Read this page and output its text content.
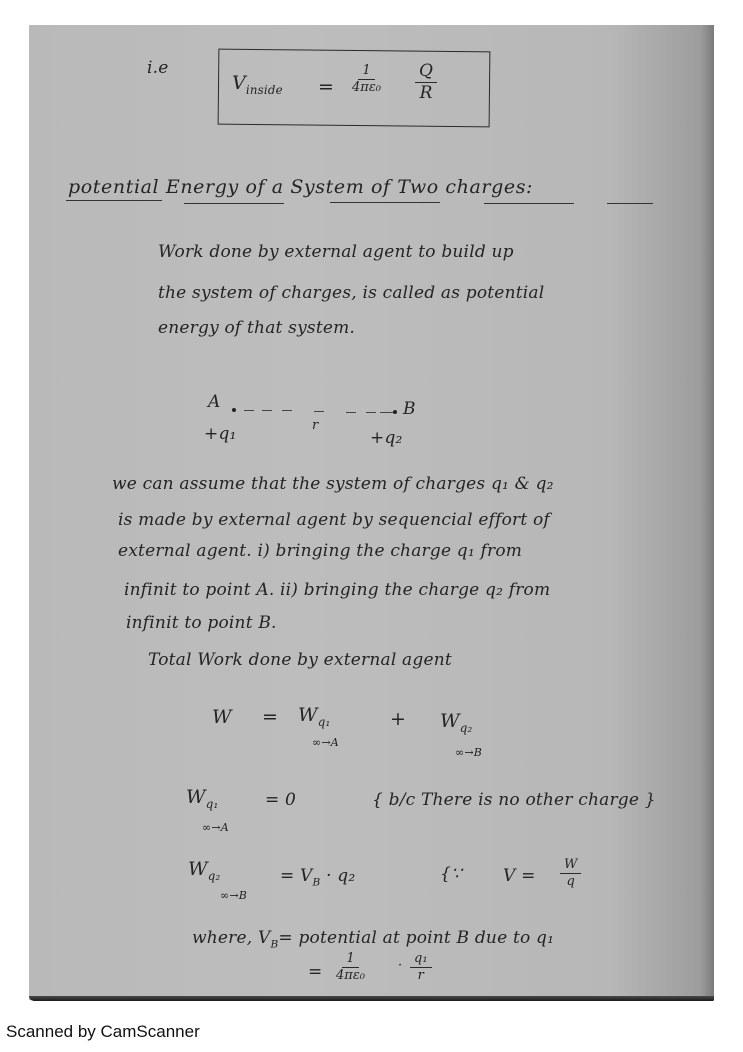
i.e
$V_{inside} = \frac{1}{\text{4πε₀}} \frac{Q}{R}$
potential Energy of a System of Two charges:
Work done by external agent to build up
the system of charges, is called as potential
energy of that system.
A	B
r
+q₁	+q₂
we can assume that the system of charges q₁ & q₂
is made by external agent by sequencial effort of
external agent. i) bringing the charge q₁ from
infinit to point A. ii) bringing the charge q₂ from
infinit to point B.
Total Work done by external agent
$W = W_{q_1}$
∞→A
+ $W_{q_2}$
∞→B
$W_{q_1}$
∞→A
= 0	{ b/c There is no other charge }
$W_{q_2}$
∞→B
= $V_B \cdot q_2$	{∵ $V = \frac{W}{q}$
where, $V_B=$ potential at point B due to q₁
= $\frac{1}{\text{4πε₀}}$	· $\frac{\text{q₁}}{r}$
Scanned by CamScanner
